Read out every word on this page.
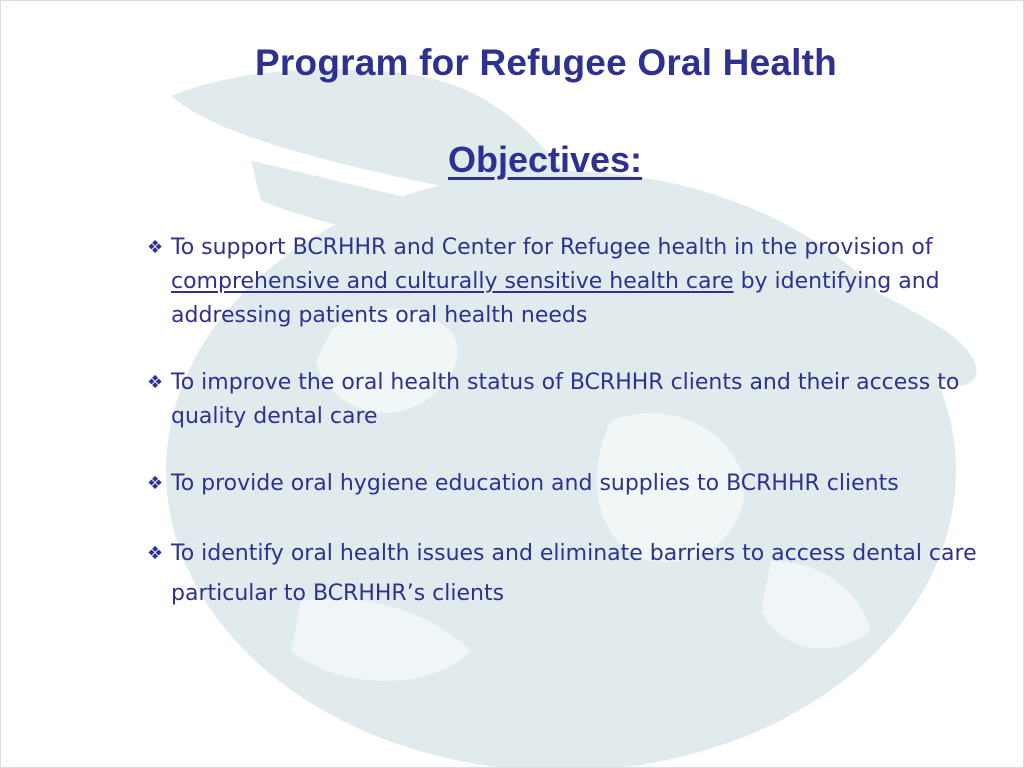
Program for Refugee Oral Health
Objectives:
❖ To support BCRHHR and Center for Refugee health in the provision of comprehensive and culturally sensitive health care by identifying and addressing patients oral health needs
❖ To improve the oral health status of BCRHHR clients and their access to quality dental care
❖ To provide oral hygiene education and supplies to BCRHHR clients
❖ To identify oral health issues and eliminate barriers to access dental care particular to BCRHHR’s clients
